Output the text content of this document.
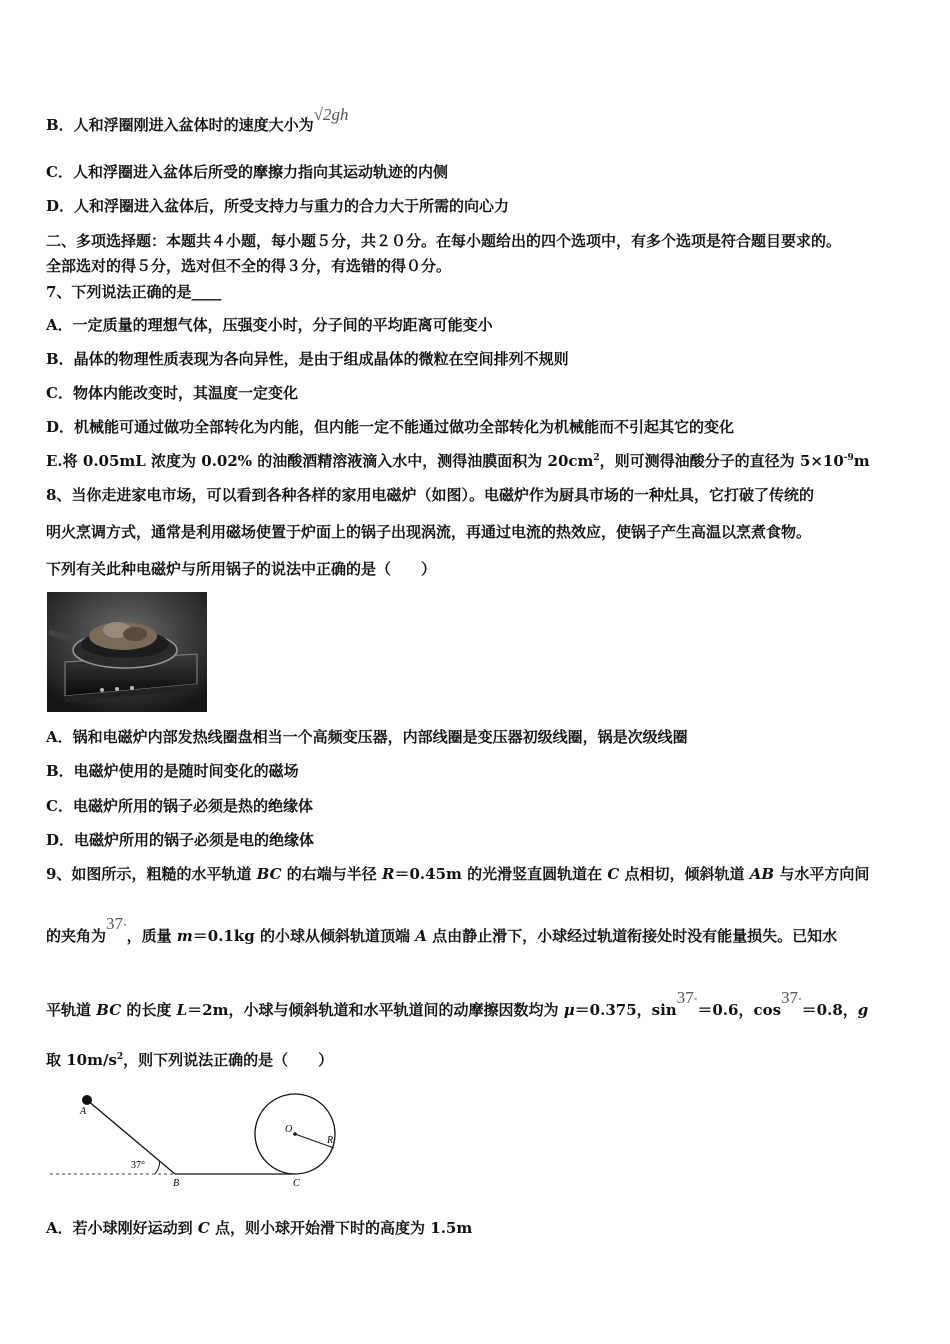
B．人和浮圈刚进入盆体时的速度大小为√2gh
C．人和浮圈进入盆体后所受的摩擦力指向其运动轨迹的内侧
D．人和浮圈进入盆体后，所受支持力与重力的合力大于所需的向心力
二、多项选择题：本题共４小题，每小题５分，共２０分。在每小题给出的四个选项中，有多个选项是符合题目要求的。
全部选对的得５分，选对但不全的得３分，有选错的得０分。
7、下列说法正确的是____
A．一定质量的理想气体，压强变小时，分子间的平均距离可能变小
B．晶体的物理性质表现为各向异性，是由于组成晶体的微粒在空间排列不规则
C．物体内能改变时，其温度一定变化
D．机械能可通过做功全部转化为内能，但内能一定不能通过做功全部转化为机械能而不引起其它的变化
E.将 0.05mL 浓度为 0.02% 的油酸酒精溶液滴入水中，测得油膜面积为 $20cm^2$，则可测得油酸分子的直径为 $5\times 10^{-9}m$
8、当你走进家电市场，可以看到各种各样的家用电磁炉（如图）。电磁炉作为厨具市场的一种灶具，它打破了传统的
明火烹调方式，通常是利用磁场使置于炉面上的锅子出现涡流，再通过电流的热效应，使锅子产生高温以烹煮食物。
下列有关此种电磁炉与所用锅子的说法中正确的是（　　）
A．锅和电磁炉内部发热线圈盘相当一个高频变压器，内部线圈是变压器初级线圈，锅是次级线圈
B．电磁炉使用的是随时间变化的磁场
C．电磁炉所用的锅子必须是热的绝缘体
D．电磁炉所用的锅子必须是电的绝缘体
9、如图所示，粗糙的水平轨道 BC 的右端与半径 R＝0.45m 的光滑竖直圆轨道在 C 点相切，倾斜轨道 AB 与水平方向间
的夹角为37∘，质量 m＝0.1kg 的小球从倾斜轨道顶端 A 点由静止滑下，小球经过轨道衔接处时没有能量损失。已知水
平轨道 BC 的长度 L＝2m，小球与倾斜轨道和水平轨道间的动摩擦因数均为 μ＝0.375，sin37∘＝0.6，cos37∘＝0.8，g
取 $10m/s^2$，则下列说法正确的是（　　）
A
B	C
O
R
37°
A．若小球刚好运动到 C 点，则小球开始滑下时的高度为 1.5m
